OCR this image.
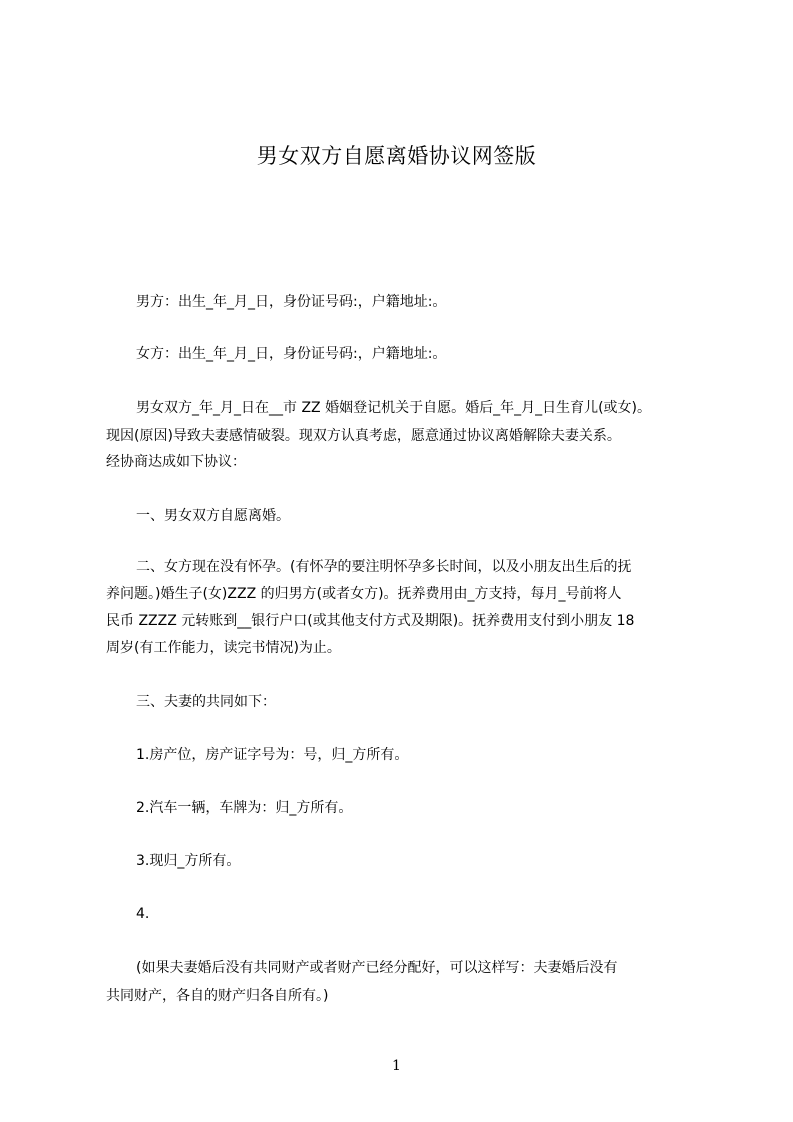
男女双方自愿离婚协议网签版
男方：出生_年_月_日，身份证号码:，户籍地址:。
女方：出生_年_月_日，身份证号码:，户籍地址:。
男女双方_年_月_日在__市 ZZ 婚姻登记机关于自愿。婚后_年_月_日生育儿(或女)。
现因(原因)导致夫妻感情破裂。现双方认真考虑，愿意通过协议离婚解除夫妻关系。
经协商达成如下协议：
一、男女双方自愿离婚。
二、女方现在没有怀孕。(有怀孕的要注明怀孕多长时间，以及小朋友出生后的抚
养问题。)婚生子(女)ZZZ 的归男方(或者女方)。抚养费用由_方支持，每月_号前将人
民币 ZZZZ 元转账到__银行户口(或其他支付方式及期限)。抚养费用支付到小朋友 18
周岁(有工作能力，读完书情况)为止。
三、夫妻的共同如下：
1.房产位，房产证字号为：号，归_方所有。
2.汽车一辆，车牌为：归_方所有。
3.现归_方所有。
4.
(如果夫妻婚后没有共同财产或者财产已经分配好，可以这样写：夫妻婚后没有
共同财产，各自的财产归各自所有。)
1
